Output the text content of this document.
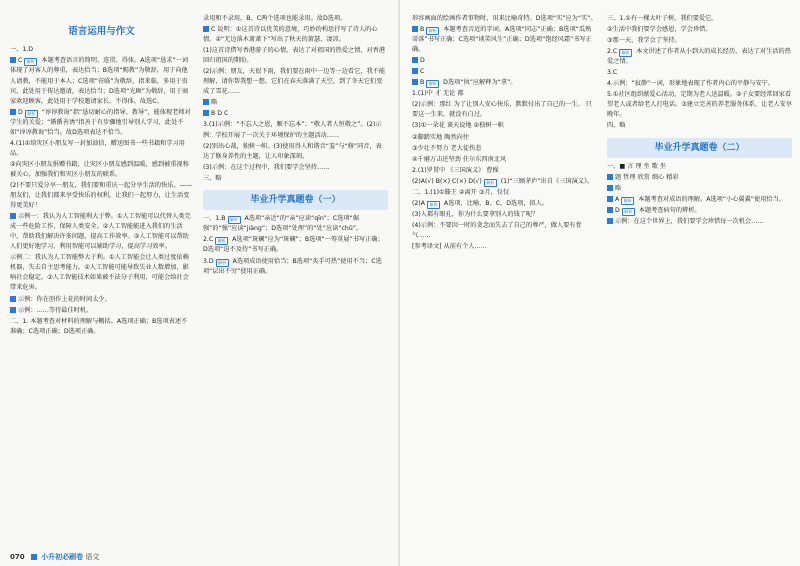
语言运用与作文

一、1.D

C 解析 本题考查语言的简明、连贯、得体。A选项“恳求”一词体现了对客人的尊重，表达恰当；B选项“赐教”为敬辞，用于向他人请教，不能用于本人；C选项“莅临”为敬辞，指来临，多用于贵宾，此处用于传达邀请，表达恰当；D选项“光顾”为敬辞，用于商家欢迎顾客，此处用于学校邀请家长，不得体。故选C。

D 解析 “谆谆教诲”指“恳切耐心的指导、教导”，能体现老师对学生的关爱；“循循善诱”指善于有步骤地引导别人学习，此处不如“谆谆教诲”恰当。故D选项表达不恰当。

4.(1)①给灾区小朋友写一封加油信，赠送图书一些书籍和学习用品。

②向灾区小朋友捐赠书籍，让灾区小朋友感到温暖，感到被重视和被关心，加强我们和灾区小朋友的联系。

(2)不要只爱分享一朋友，我们要和重庆一起分享生活的快乐。——朋友们，让我们都来享受快乐的权利，让我们一起努力，让生活变得更美好！

示例一：我认为人工智能利大于弊。①人工智能可以代替人类完成一些危险工作，保障人类安全。②人工智能能进入我们的生活中，帮助我们解决许多问题，提高工作效率。③人工智能可以帮助人们更好地学习，利用智能可以辅助学习，提高学习效率。

示例二：我认为人工智能弊大于利。①人工智能会让人类过度依赖机器，失去自主思考能力。②人工智能可能导致失业人数增加，影响社会稳定。③人工智能技术如果被不法分子利用，可能会给社会带来危害。

示例：你在创作上花的时间太少。

示例：……等待最佳时机。

二、1. 本题考查对材料的理解与概括。A选项正确；B选项表述不准确；C选项正确；D选项正确。

录用和不录用，B、C两个选项也能录用。故D选项。

C 说明：①这首诗以优美的意境、巧妙的构思抒写了诗人的心情。②“无边落木萧萧下”写出了秋天的萧瑟、凄凉。

(1)这首诗借写香港游子的心情，表达了对祖国的热爱之情，对香港回归祖国的期盼。

(2)示例：朋友，天很下雨，我们要在雨中一边等一边看它，我不能理解，请你帮我想一想。它们在春天落满了天空，到了冬天它们变成了雪花……

略

B D C

3.(1)示例：“不忘人之恩，顺不忘本”；“敬人者人恒敬之”。(2)示例：学校开展了一次关于环境保护的主题活动……

(2)别出心裁，独树一帜。(3)使用得人和谐音“羞”与“修”同音，表达了修身养性的主题，让人印象深刻。

(3)示例：在这个过程中，我们要学会坚持……

三、略

毕业升学真题卷（一）

一、1.B 解析 A选项“亲近”的“亲”应读“qīn”；C选项“倔强”的“强”应读“jiàng”；D选项“处理”的“处”应读“chǔ”。

2.C 解析 A选项“斑斓”应为“斑斓”；B选项“一筹莫展”书写正确；D选项“迫不及待”书写正确。

3.D 解析 A选项成语使用恰当；B选项“炙手可热”使用不当；C选项“层出不穷”使用正确。

070 小升初必刷卷 语文

形容画面的绘画作者事物时，用来比喻奇特。D选项“实”应为“实”。

B 解析 本题考查音近的字词。A选项“同志”正确；B选项“瓜熟蒂落”书写正确；C选项“谈笑风生”正确；D选项“饱经风霜”书写正确。

D

C

B 解析 D选项“执”应解释为“拿”。

1.(1)中 才 无论 都

(2)示例：那红 为了让别人安心快乐，默默付出了自己的一生。 只要这一生来，就没有白过。

(3)①一朵花 谈天说地 ②独树一帜

②脚踏实地 陶然向往

③少壮不努力 老大徒伤悲

④千磨万击还坚劲 任尔东西南北风

2.(1)罗贯中 《三国演义》 曹操

(2)A(√) B(×) C(×) D(√) 解析 (1)“三顾茅庐”出自《三国演义》。

二、1.(1)①滕王 ②离开 ③月，仅仅

(2)A 解析 A选项，比喻，B、C、D选项，拟人。

(3)人都有眼孔，你为什么要拿别人的钱了呢？

(4)示例：不要因一时的贪念而失去了自己的尊严，做人要有骨气……

[参考译文] 从前有个人……

三、1.①有一棵大叶子树，我们要爱它。

②生活中我们要学会感恩，学会珍惜。

③那一天，我学会了坚持。

2.C 解析 本文讲述了作者从小到大的成长经历，表达了对生活的热爱之情。

3.C

4.示例：“寂静”一词，形象地表现了作者内心的平静与安宁。

5.①社区组织献爱心活动，定期为老人送温暖。②子女要经常回家看望老人或者给老人打电话。③建立完善的养老服务体系，让老人安享晚年。

四、略

毕业升学真题卷（二）

一、■ 言 理 坐 歌 坐

题 哲理 欣赏 细心 精彩

略

A 解析 本题考查对成语的理解。A选项“小心翼翼”使用恰当。

D 解析 本题考查病句的辨析。

示例：在这个世界上，我们要学会珍惜每一次机会……
